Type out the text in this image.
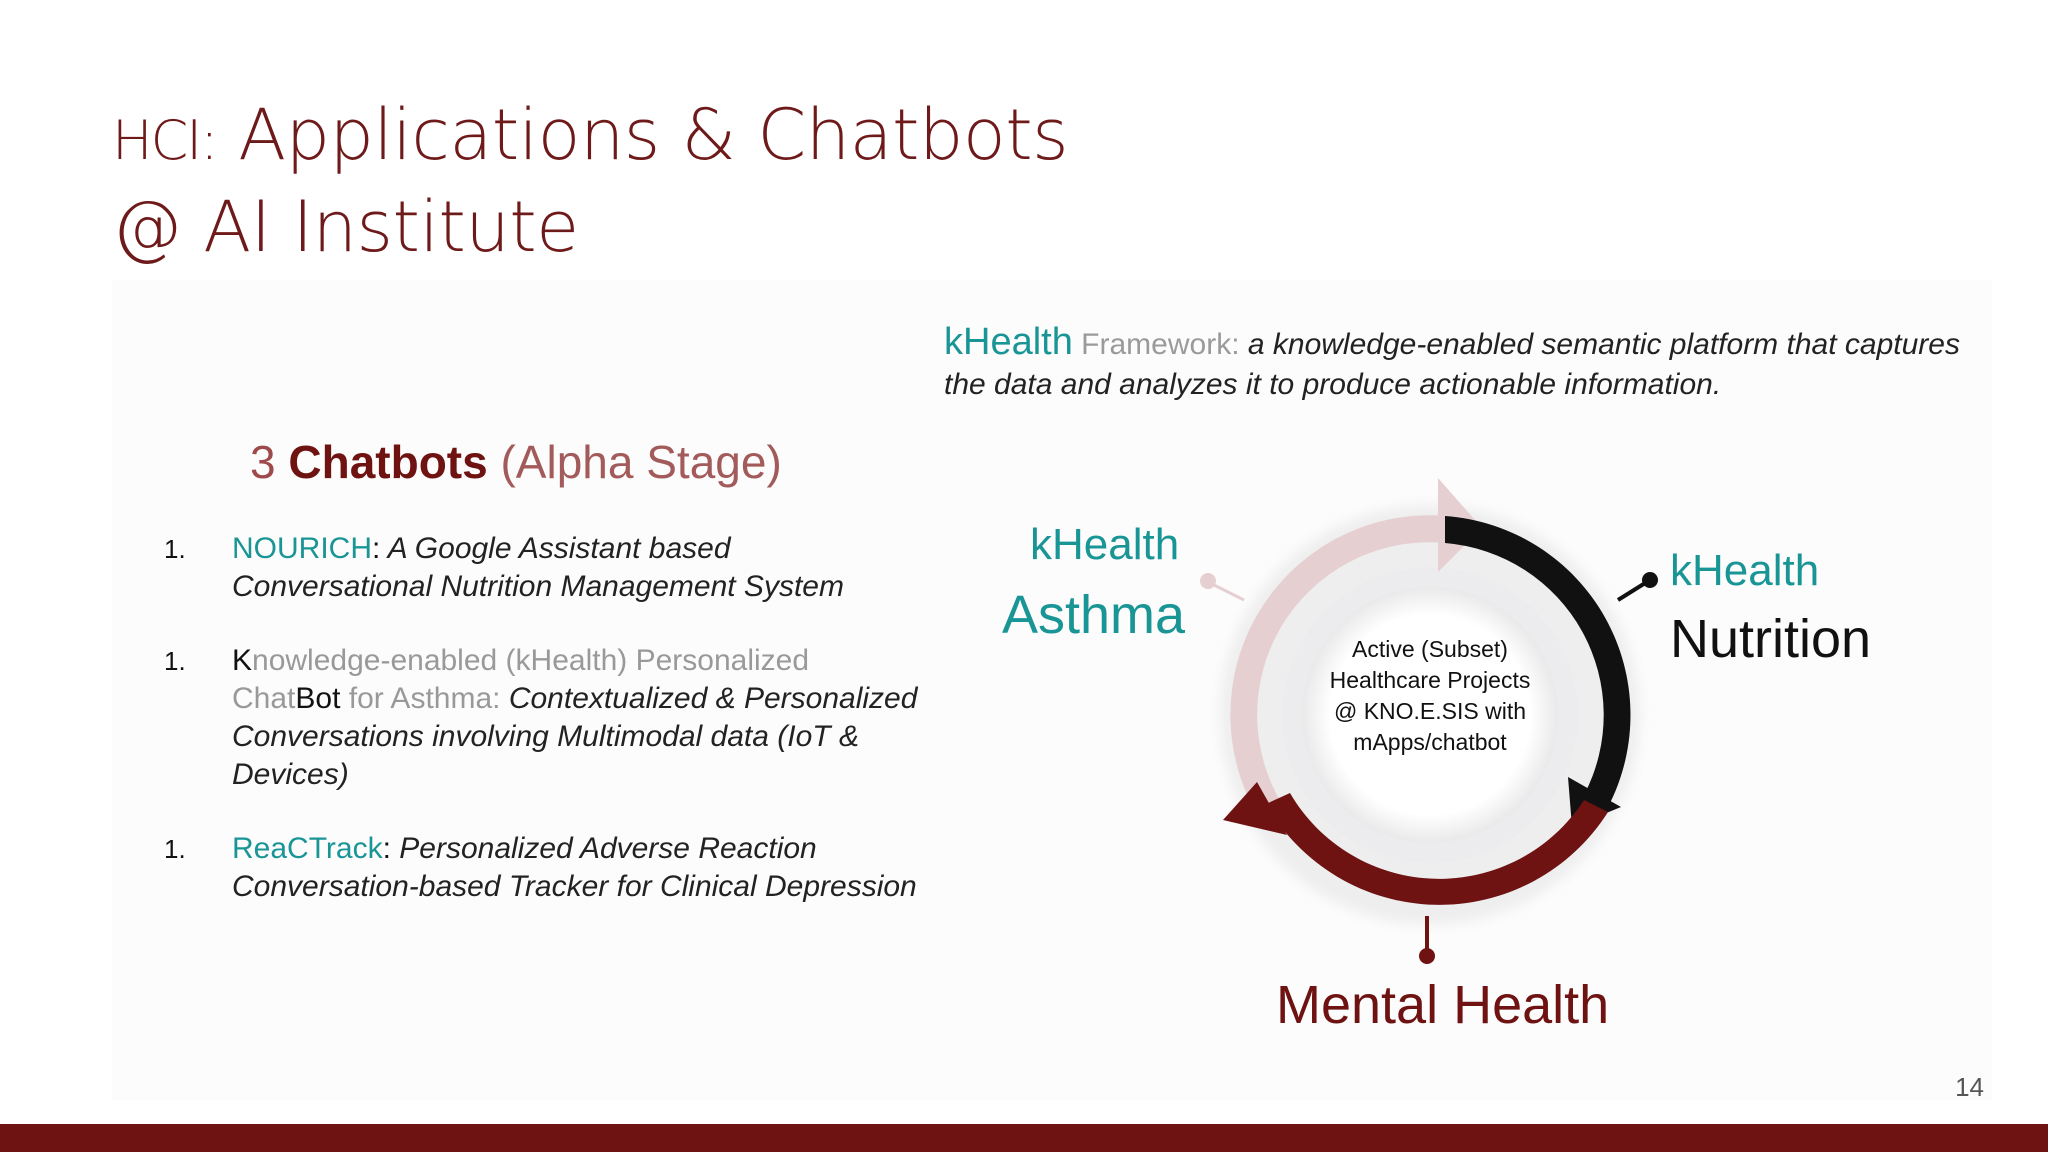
HCI: Applications & Chatbots
@ AI Institute
kHealth Framework: a knowledge-enabled semantic platform that captures the data and analyzes it to produce actionable information.
3 Chatbots (Alpha Stage)
1. NOURICH: A Google Assistant based Conversational Nutrition Management System
1. Knowledge-enabled (kHealth) Personalized ChatBot for Asthma: Contextualized & Personalized Conversations involving Multimodal data (IoT & Devices)
1. ReaCTrack: Personalized Adverse Reaction Conversation-based Tracker for Clinical Depression
Active (Subset)
Healthcare Projects
@ KNO.E.SIS with
mApps/chatbot
kHealth
Asthma
kHealth
Nutrition
Mental Health
14
